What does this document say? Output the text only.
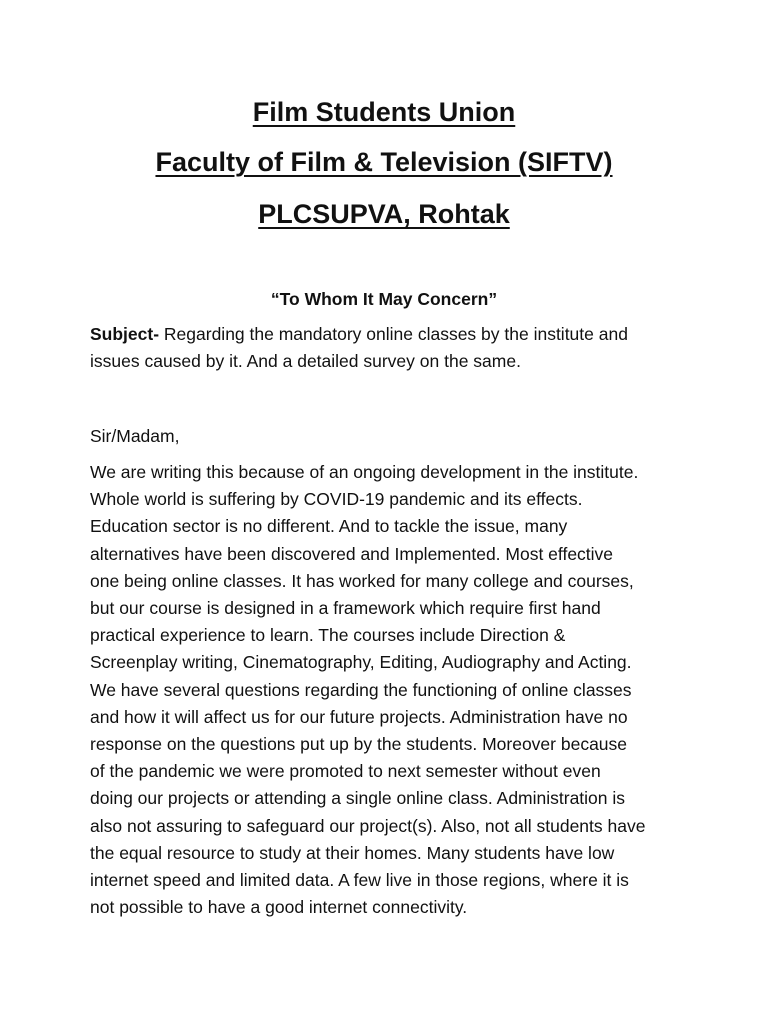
Film Students Union
Faculty of Film & Television (SIFTV)
PLCSUPVA, Rohtak

“To Whom It May Concern”

Subject- Regarding the mandatory online classes by the institute and
issues caused by it. And a detailed survey on the same.

Sir/Madam,

We are writing this because of an ongoing development in the institute.
Whole world is suffering by COVID-19 pandemic and its effects.
Education sector is no different. And to tackle the issue, many
alternatives have been discovered and Implemented. Most effective
one being online classes. It has worked for many college and courses,
but our course is designed in a framework which require first hand
practical experience to learn. The courses include Direction &
Screenplay writing, Cinematography, Editing, Audiography and Acting.
We have several questions regarding the functioning of online classes
and how it will affect us for our future projects. Administration have no
response on the questions put up by the students. Moreover because
of the pandemic we were promoted to next semester without even
doing our projects or attending a single online class. Administration is
also not assuring to safeguard our project(s). Also, not all students have
the equal resource to study at their homes. Many students have low
internet speed and limited data. A few live in those regions, where it is
not possible to have a good internet connectivity.
